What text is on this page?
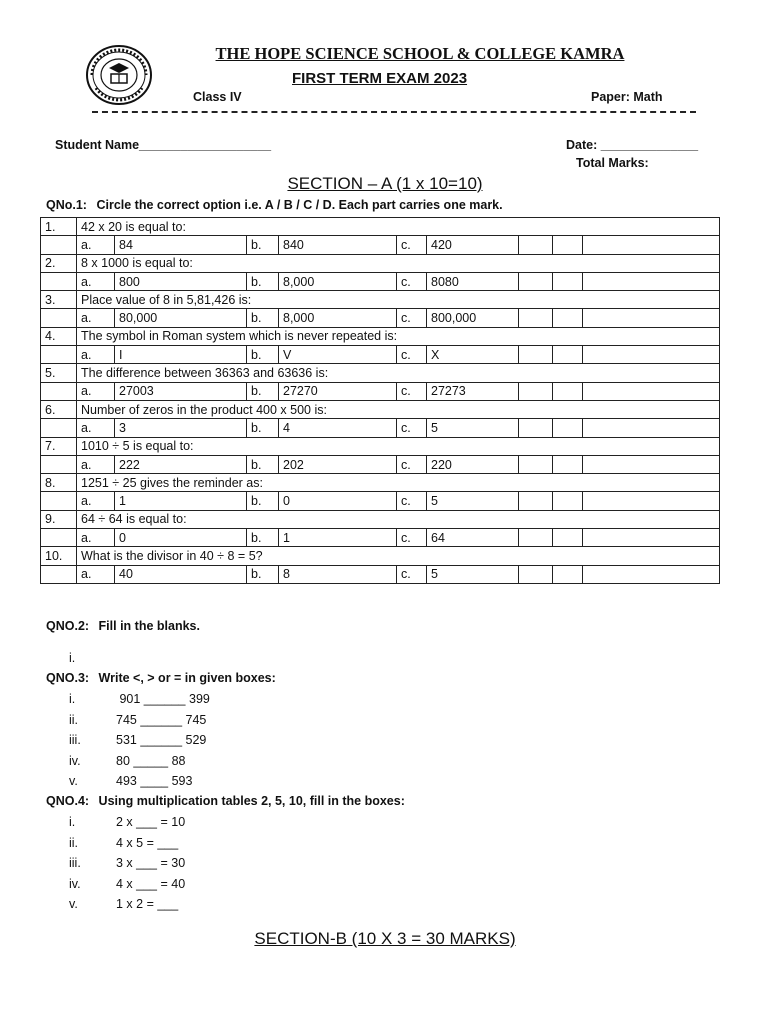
THE HOPE SCIENCE SCHOOL & COLLEGE KAMRA
FIRST TERM EXAM 2023
Class IV	Paper: Math
Student Name___________________	Date: ______________
Total Marks:
SECTION – A (1 x 10=10)
QNo.1: Circle the correct option i.e. A / B / C / D. Each part carries one mark.
1.	42 x 20 is equal to:								
	a.	84	b.	840	c.	420			
2.	8 x 1000 is equal to:								
	a.	800	b.	8,000	c.	8080			
3.	Place value of 8 in 5,81,426 is:								
	a.	80,000	b.	8,000	c.	800,000			
4.	The symbol in Roman system which is never repeated is:								
	a.	I	b.	V	c.	X			
5.	The difference between 36363 and 63636 is:								
	a.	27003	b.	27270	c.	27273			
6.	Number of zeros in the product 400 x 500 is:								
	a.	3	b.	4	c.	5			
7.	1010 ÷ 5 is equal to:								
	a.	222	b.	202	c.	220			
8.	1251 ÷ 25 gives the reminder as:								
	a.	1	b.	0	c.	5			
9.	64 ÷ 64 is equal to:								
	a.	0	b.	1	c.	64			
10.	What is the divisor in 40 ÷ 8 = 5?								
	a.	40	b.	8	c.	5			
QNO.2: Fill in the blanks.
i.
QNO.3: Write <, > or = in given boxes:
i.	901 ______ 399
ii.	745 ______ 745
iii.	531 ______ 529
iv.	80 _____ 88
v.	493 ____ 593
QNO.4: Using multiplication tables 2, 5, 10, fill in the boxes:
i.	2 x ___ = 10
ii.	4 x 5 = ___
iii.	3 x ___ = 30
iv.	4 x ___ = 40
v.	1 x 2 = ___
SECTION-B (10 X 3 = 30 MARKS)
